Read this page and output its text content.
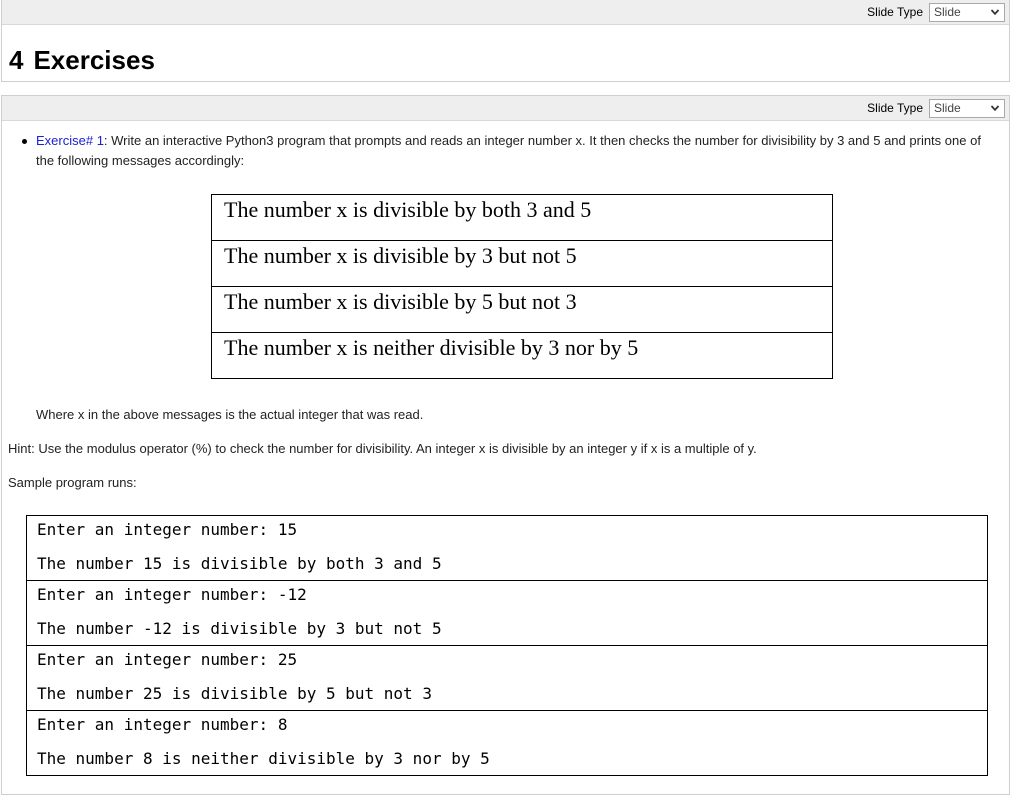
Slide Type Slide
4 Exercises
Slide Type Slide
Exercise# 1: Write an interactive Python3 program that prompts and reads an integer number x. It then checks the number for divisibility by 3 and 5 and prints one of the following messages accordingly:
The number x is divisible by both 3 and 5
The number x is divisible by 3 but not 5
The number x is divisible by 5 but not 3
The number x is neither divisible by 3 nor by 5
Where x in the above messages is the actual integer that was read.
Hint: Use the modulus operator (%) to check the number for divisibility. An integer x is divisible by an integer y if x is a multiple of y.
Sample program runs:
Enter an integer number: 15
The number 15 is divisible by both 3 and 5

Enter an integer number: -12
The number -12 is divisible by 3 but not 5

Enter an integer number: 25
The number 25 is divisible by 5 but not 3

Enter an integer number: 8
The number 8 is neither divisible by 3 nor by 5
